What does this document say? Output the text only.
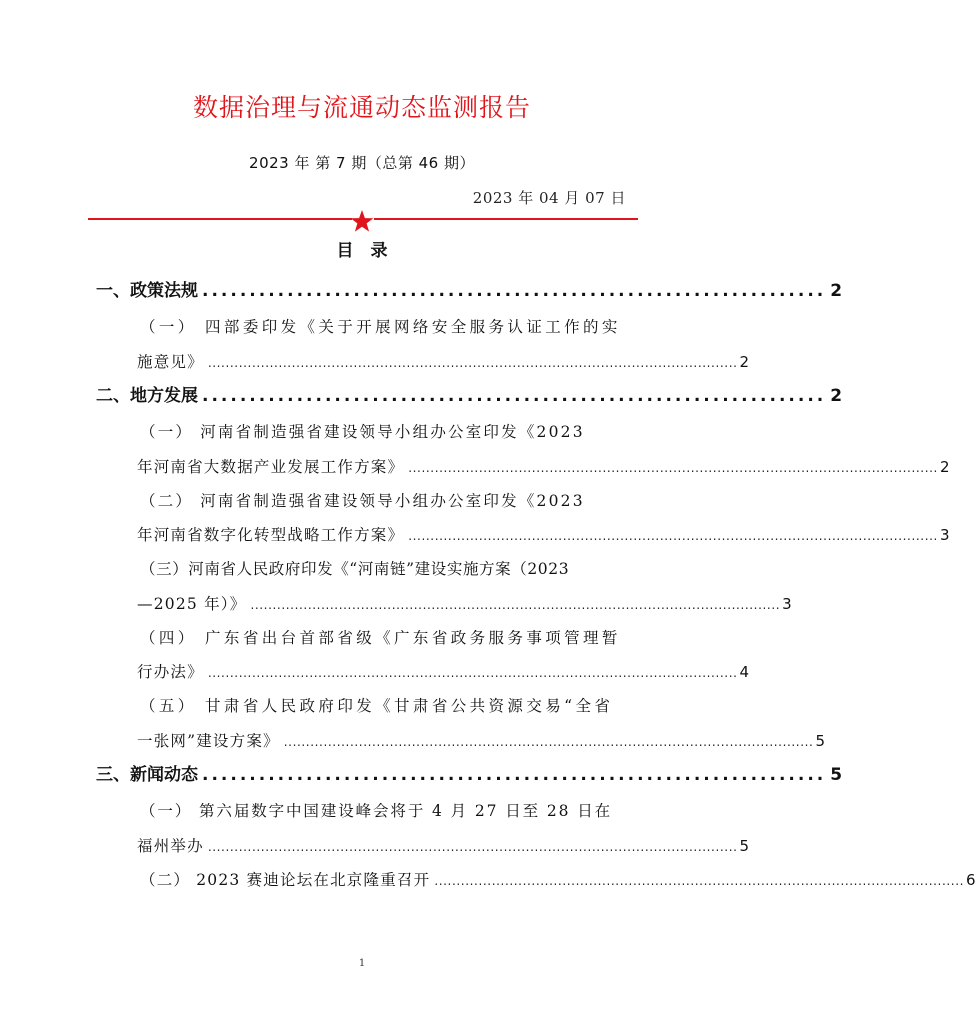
数据治理与流通动态监测报告
2023 年 第 7 期（总第 46 期）
2023 年 04 月 07 日
目　录
一、 政策法规 .................................................................. 2
（一） 四部委印发《关于开展网络安全服务认证工作的实
施意见》 ........................................................................................................................ 2
二、 地方发展 .................................................................. 2
（一） 河南省制造强省建设领导小组办公室印发《2023
年河南省大数据产业发展工作方案》 ........................................................................................................................ 2
（二） 河南省制造强省建设领导小组办公室印发《2023
年河南省数字化转型战略工作方案》 ........................................................................................................................ 3
（三）河南省人民政府印发《“河南链”建设实施方案（2023
—2025 年）》 ........................................................................................................................ 3
（四） 广东省出台首部省级《广东省政务服务事项管理暂
行办法》 ........................................................................................................................ 4
（五） 甘肃省人民政府印发《甘肃省公共资源交易“全省
一张网”建设方案》 ........................................................................................................................ 5
三、 新闻动态 .................................................................. 5
（一） 第六届数字中国建设峰会将于 4 月 27 日至 28 日在
福州举办 ........................................................................................................................ 5
（二） 2023 赛迪论坛在北京隆重召开 ........................................................................................................................ 6
1
